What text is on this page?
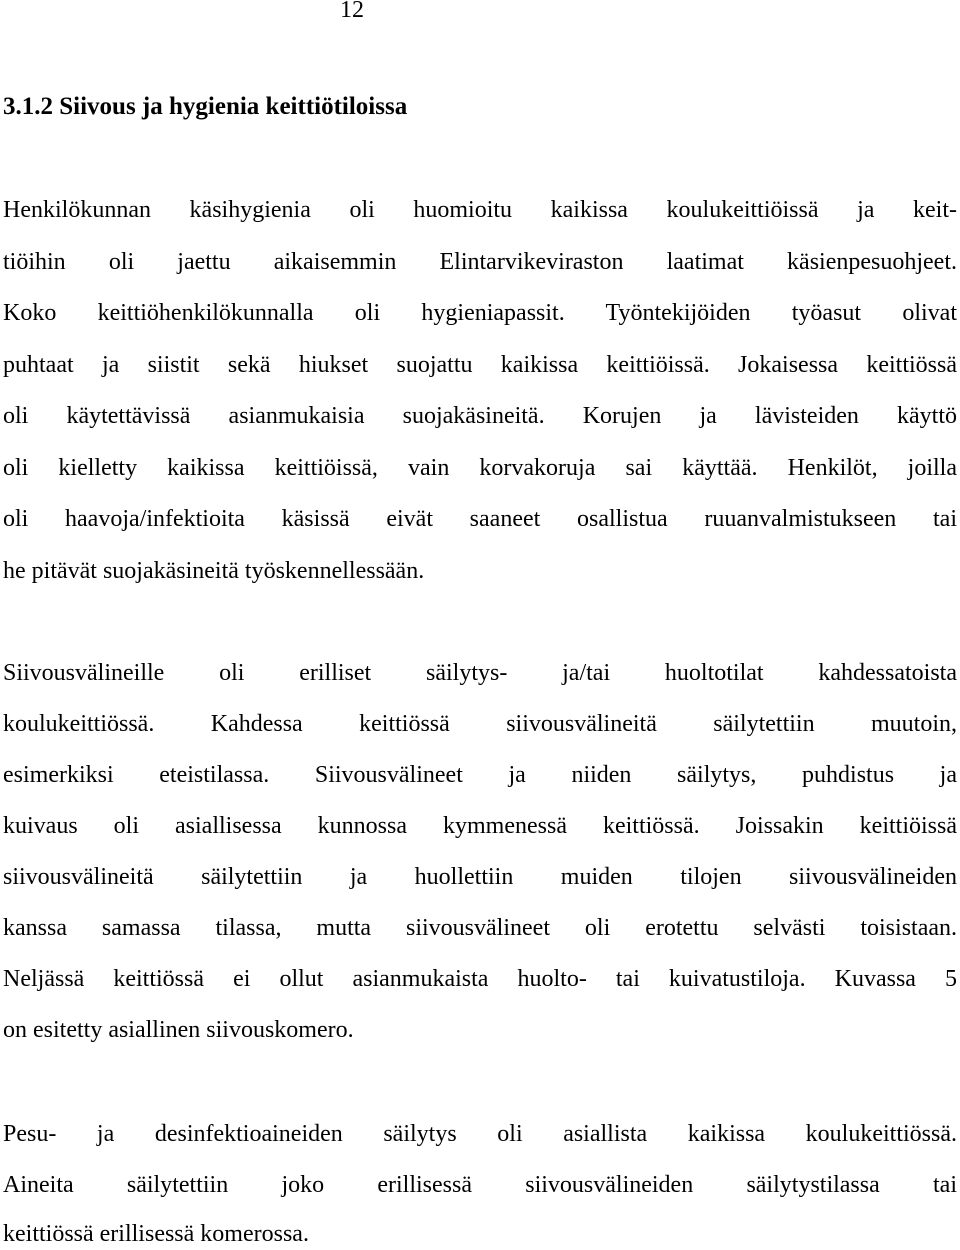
12
3.1.2 Siivous ja hygienia keittiötiloissa
Henkilökunnan käsihygienia oli huomioitu kaikissa koulukeittiöissä ja keit-
tiöihin oli jaettu aikaisemmin Elintarvikeviraston laatimat käsienpesuohjeet.
Koko keittiöhenkilökunnalla oli hygieniapassit. Työntekijöiden työasut olivat
puhtaat ja siistit sekä hiukset suojattu kaikissa keittiöissä. Jokaisessa keittiössä
oli käytettävissä asianmukaisia suojakäsineitä. Korujen ja lävisteiden käyttö
oli kielletty kaikissa keittiöissä, vain korvakoruja sai käyttää. Henkilöt, joilla
oli haavoja/infektioita käsissä eivät saaneet osallistua ruuanvalmistukseen tai
he pitävät suojakäsineitä työskennellessään.
Siivousvälineille oli erilliset säilytys- ja/tai huoltotilat kahdessatoista
koulukeittiössä. Kahdessa keittiössä siivousvälineitä säilytettiin muutoin,
esimerkiksi eteistilassa. Siivousvälineet ja niiden säilytys, puhdistus ja
kuivaus oli asiallisessa kunnossa kymmenessä keittiössä. Joissakin keittiöissä
siivousvälineitä säilytettiin ja huollettiin muiden tilojen siivousvälineiden
kanssa samassa tilassa, mutta siivousvälineet oli erotettu selvästi toisistaan.
Neljässä keittiössä ei ollut asianmukaista huolto- tai kuivatustiloja. Kuvassa 5
on esitetty asiallinen siivouskomero.
Pesu- ja desinfektioaineiden säilytys oli asiallista kaikissa koulukeittiössä.
Aineita säilytettiin joko erillisessä siivousvälineiden säilytystilassa tai
keittiössä erillisessä komerossa.
